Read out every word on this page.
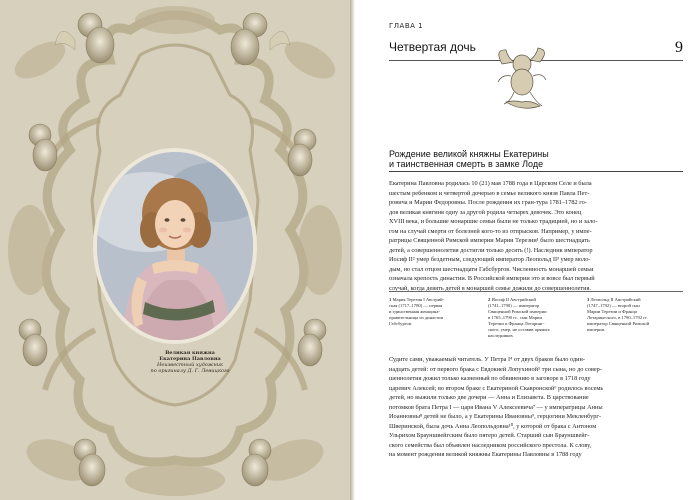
Великая княжна
Екатерина Павловна
Неизвестный художник
по оригиналу Д. Г. Левицкого
ГЛАВА 1
Четвертая дочь	9
Рождение великой княжны Екатерины
и таинственная смерть в замке Лоде
Екатерина Павловна родилась 10 (21) мая 1788 года в Царском Селе и была
шестым ребенком и четвертой дочерью в семье великого князя Павла Пет-
ровича и Марии Федоровны. После рождения их гран-тура 1781–1782 го-
дов великая княгиня одну за другой родила четырех девочек. Это конец
XVIII века, и большие монаршие семьи были не только традицией, но и зало-
гом на случай смерти от болезней кого-то из отпрысков. Например, у импе-
ратрицы Священной Римской империи Марии Терезии¹ было шестнадцать
детей, а совершеннолетия достигли только десять (!). Наследник император
Иосиф II² умер бездетным, следующий император Леопольд II³ умер моло-
дым, но стал отцом шестнадцати Габсбургов. Численность монаршей семьи
означала крепость династии. В Российской империи это и вовсе был первый
случай, когда девять детей в монаршей семье дожили до совершеннолетия.
1 Мария Терезия I Австрий-
ская (1717–1780) — первая
и единственная женщина-
правительница из династии
Габсбургов.
2 Иосиф II Австрийский
(1741–1790) — император
Священной Римской империи
в 1765–1790 гг., сын Марии
Терезии и Франца Лотаринг-
ского, умер, не оставив прямых
наследников.
3 Леопольд II Австрийский
(1747–1792) — второй сын
Марии Терезии и Франца
Лотарингского, в 1790–1792 гг.
император Священной Римской
империи.
Судите сами, уважаемый читатель. У Петра I⁴ от двух браков было один-
надцать детей: от первого брака с Евдокией Лопухиной⁵ три сына, но до совер-
шеннолетия дожил только казненный по обвинению в заговоре в 1718 году
царевич Алексей; во втором браке с Екатериной Скавронской⁶ родилось восемь
детей, но выжили только две дочери — Анна и Елизавета. В царствование
потомков брата Петра I — царя Ивана V Алексеевича⁷ — у императрицы Анны
Иоанновны⁸ детей не было, а у Екатерины Ивановны⁹, герцогини Мекленбург-
Шверинской, была дочь Анна Леопольдовна¹⁰, у которой от брака с Антоном
Ульрихом Брауншвейгским было пятеро детей. Старший сын Брауншвейг-
ского семейства был объявлен наследником российского престола. К слову,
на момент рождения великой княжны Екатерины Павловны в 1788 году
